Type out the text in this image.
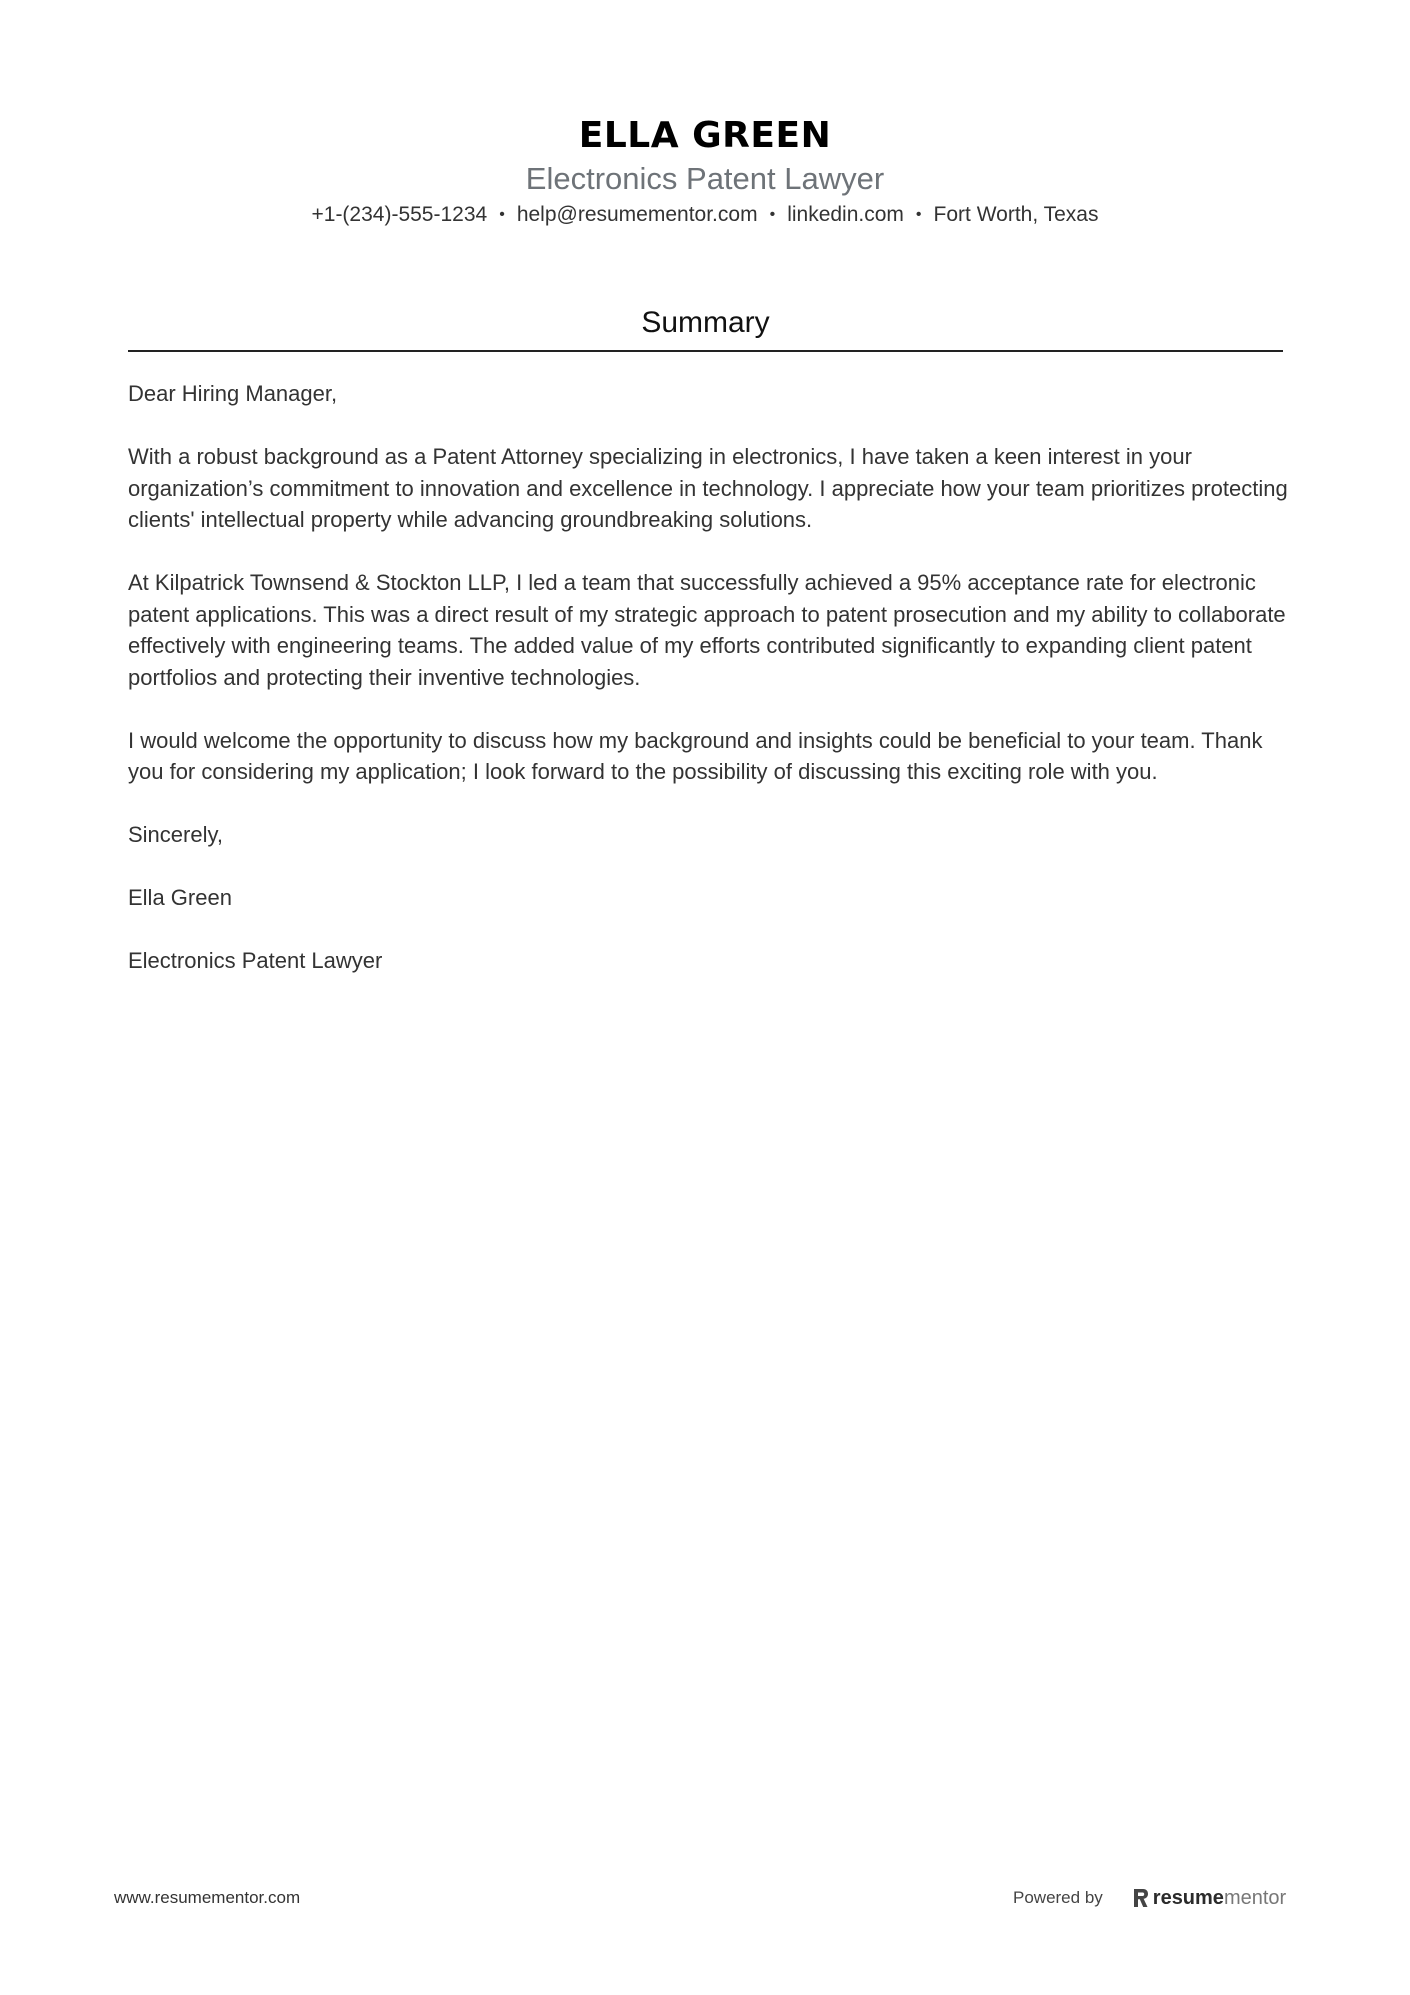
ELLA GREEN
Electronics Patent Lawyer
+1-(234)-555-1234 • help@resumementor.com • linkedin.com • Fort Worth, Texas
Summary

Dear Hiring Manager,

With a robust background as a Patent Attorney specializing in electronics, I have taken a keen interest in your organization’s commitment to innovation and excellence in technology. I appreciate how your team prioritizes protecting clients' intellectual property while advancing groundbreaking solutions.

At Kilpatrick Townsend & Stockton LLP, I led a team that successfully achieved a 95% acceptance rate for electronic patent applications. This was a direct result of my strategic approach to patent prosecution and my ability to collaborate effectively with engineering teams. The added value of my efforts contributed significantly to expanding client patent portfolios and protecting their inventive technologies.

I would welcome the opportunity to discuss how my background and insights could be beneficial to your team. Thank you for considering my application; I look forward to the possibility of discussing this exciting role with you.

Sincerely,

Ella Green

Electronics Patent Lawyer

www.resumementor.com	Powered by	resumementor
